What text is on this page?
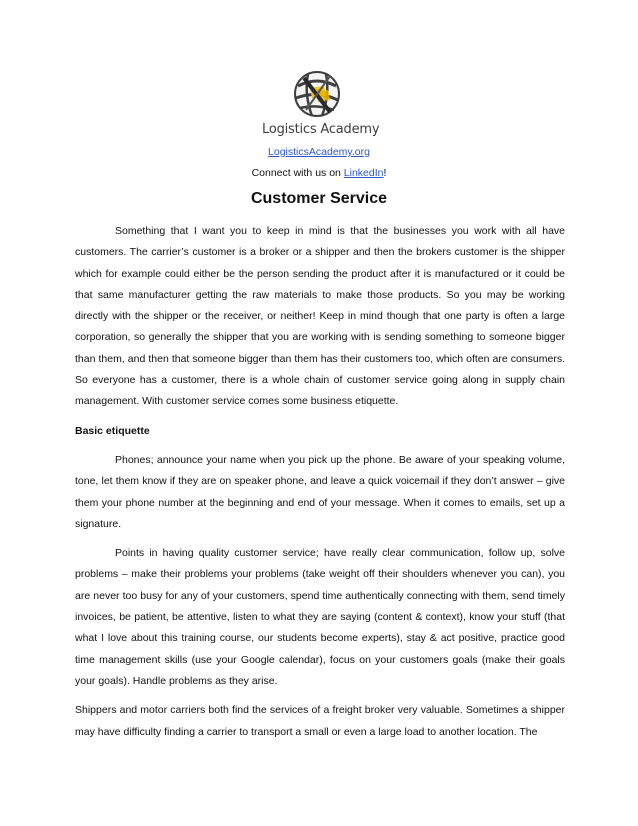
Logistics Academy
LogisticsAcademy.org
Connect with us on LinkedIn!
Customer Service

Something that I want you to keep in mind is that the businesses you work with all have customers. The carrier’s customer is a broker or a shipper and then the brokers customer is the shipper which for example could either be the person sending the product after it is manufactured or it could be that same manufacturer getting the raw materials to make those products. So you may be working directly with the shipper or the receiver, or neither! Keep in mind though that one party is often a large corporation, so generally the shipper that you are working with is sending something to someone bigger than them, and then that someone bigger than them has their customers too, which often are consumers. So everyone has a customer, there is a whole chain of customer service going along in supply chain management. With customer service comes some business etiquette.

Basic etiquette

Phones; announce your name when you pick up the phone. Be aware of your speaking volume, tone, let them know if they are on speaker phone, and leave a quick voicemail if they don’t answer – give them your phone number at the beginning and end of your message. When it comes to emails, set up a signature.

Points in having quality customer service; have really clear communication, follow up, solve problems – make their problems your problems (take weight off their shoulders whenever you can), you are never too busy for any of your customers, spend time authentically connecting with them, send timely invoices, be patient, be attentive, listen to what they are saying (content & context), know your stuff (that what I love about this training course, our students become experts), stay & act positive, practice good time management skills (use your Google calendar), focus on your customers goals (make their goals your goals). Handle problems as they arise.

Shippers and motor carriers both find the services of a freight broker very valuable. Sometimes a shipper may have difficulty finding a carrier to transport a small or even a large load to another location. The
